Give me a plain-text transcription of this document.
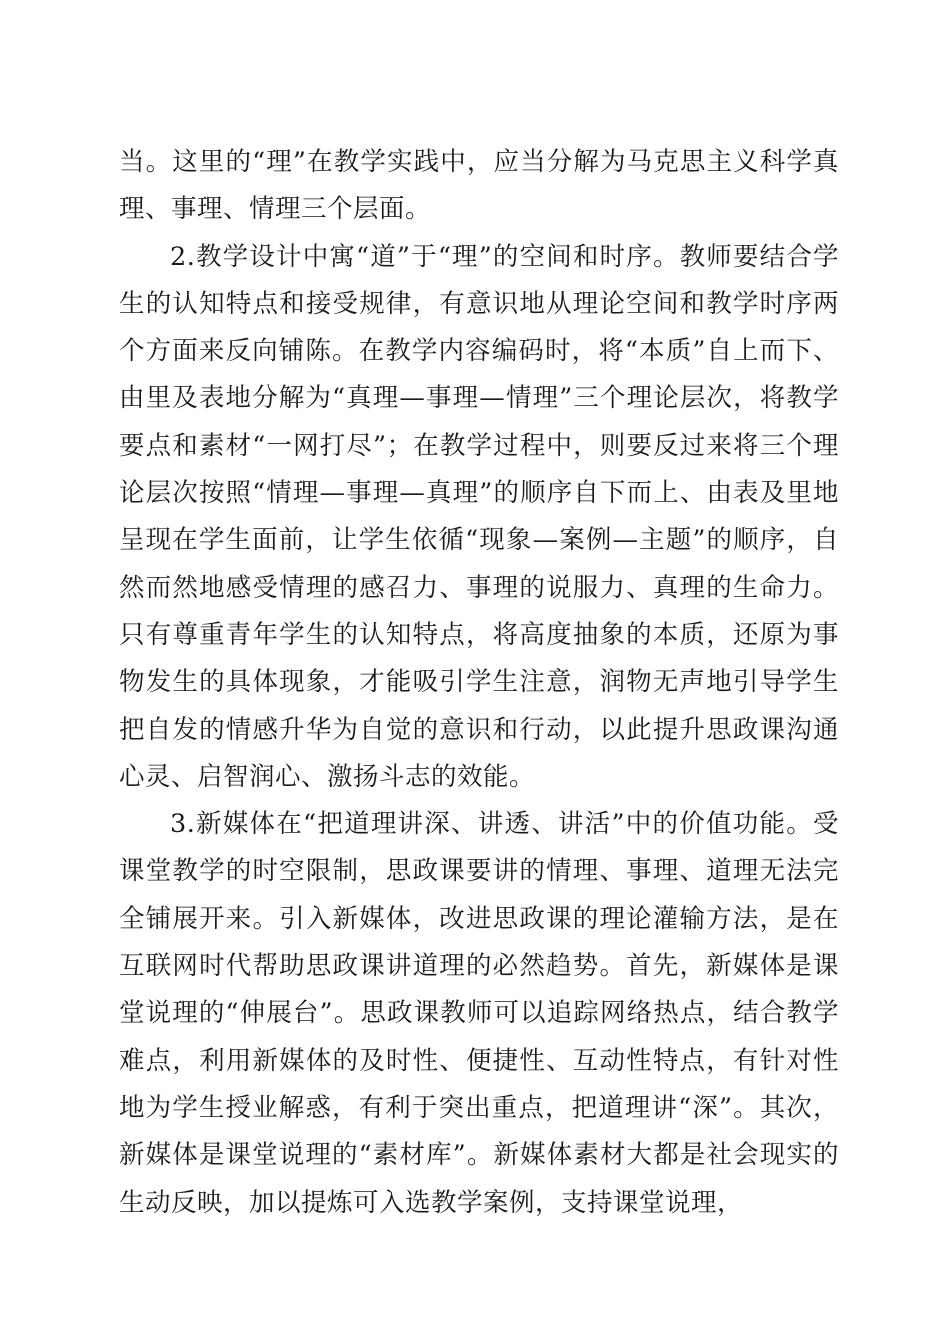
当。这里的“理”在教学实践中，应当分解为马克思主义科学真理、事理、情理三个层面。

2.教学设计中寓“道”于“理”的空间和时序。教师要结合学生的认知特点和接受规律，有意识地从理论空间和教学时序两个方面来反向铺陈。在教学内容编码时，将“本质”自上而下、由里及表地分解为“真理—事理—情理”三个理论层次，将教学要点和素材“一网打尽”；在教学过程中，则要反过来将三个理论层次按照“情理—事理—真理”的顺序自下而上、由表及里地呈现在学生面前，让学生依循“现象—案例—主题”的顺序，自然而然地感受情理的感召力、事理的说服力、真理的生命力。只有尊重青年学生的认知特点，将高度抽象的本质，还原为事物发生的具体现象，才能吸引学生注意，润物无声地引导学生把自发的情感升华为自觉的意识和行动，以此提升思政课沟通心灵、启智润心、激扬斗志的效能。

3.新媒体在“把道理讲深、讲透、讲活”中的价值功能。受课堂教学的时空限制，思政课要讲的情理、事理、道理无法完全铺展开来。引入新媒体，改进思政课的理论灌输方法，是在互联网时代帮助思政课讲道理的必然趋势。首先，新媒体是课堂说理的“伸展台”。思政课教师可以追踪网络热点，结合教学难点，利用新媒体的及时性、便捷性、互动性特点，有针对性地为学生授业解惑，有利于突出重点，把道理讲“深”。其次，新媒体是课堂说理的“素材库”。新媒体素材大都是社会现实的生动反映，加以提炼可入选教学案例，支持课堂说理，
